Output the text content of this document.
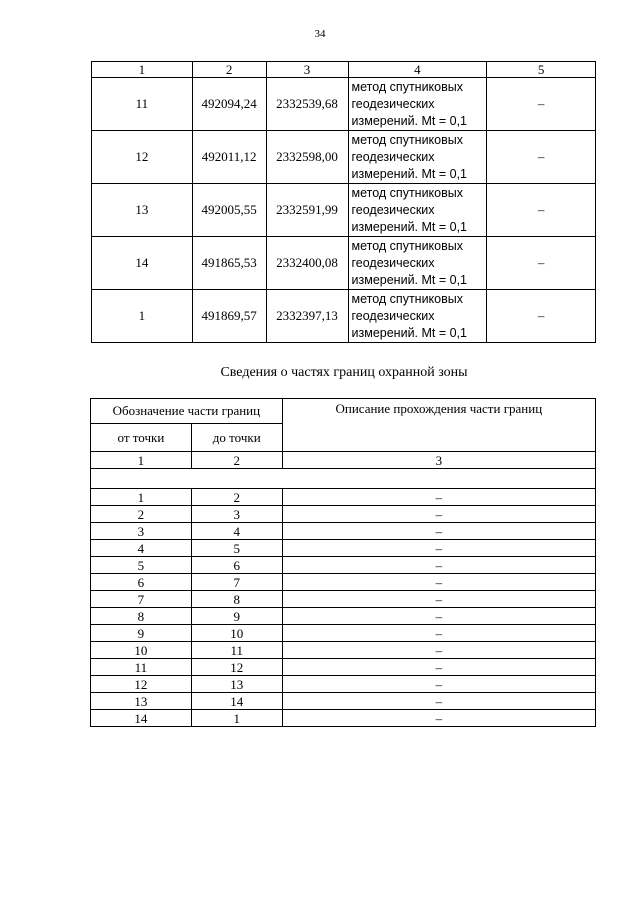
34
1	2	3	4	5
11	492094,24	2332539,68	метод спутниковых
геодезических
измерений. Mt = 0,1	–
12	492011,12	2332598,00	метод спутниковых
геодезических
измерений. Mt = 0,1	–
13	492005,55	2332591,99	метод спутниковых
геодезических
измерений. Mt = 0,1	–
14	491865,53	2332400,08	метод спутниковых
геодезических
измерений. Mt = 0,1	–
1	491869,57	2332397,13	метод спутниковых
геодезических
измерений. Mt = 0,1	–
Сведения о частях границ охранной зоны
Обозначение части границ		Описание прохождения части границ
от точки	до точки	
1	2	3

1	2	–
2	3	–
3	4	–
4	5	–
5	6	–
6	7	–
7	8	–
8	9	–
9	10	–
10	11	–
11	12	–
12	13	–
13	14	–
14	1	–
